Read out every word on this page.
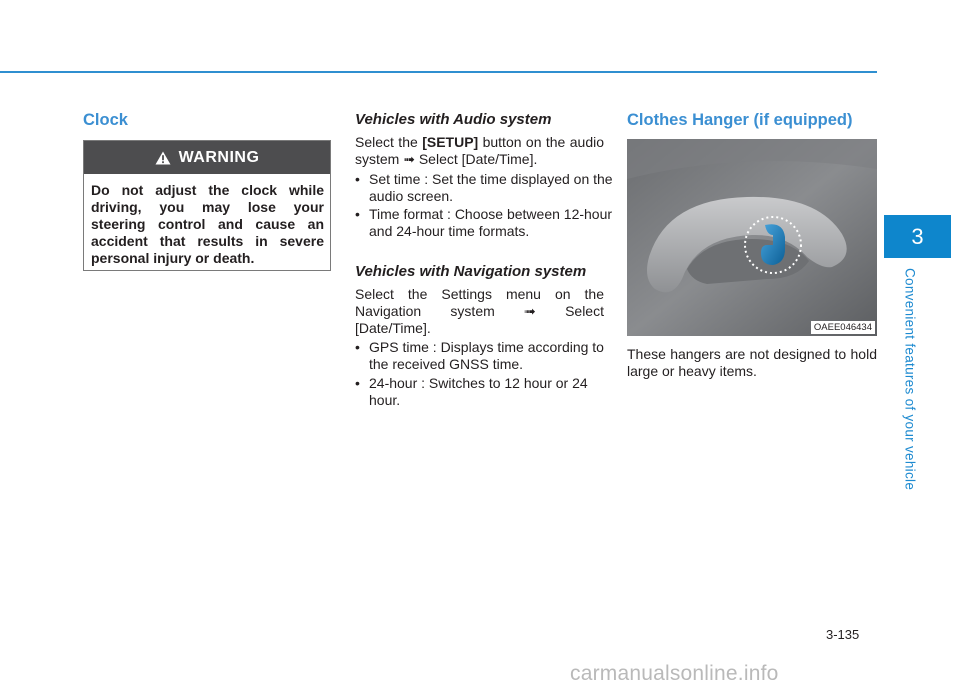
Clock
WARNING
Do not adjust the clock while driving, you may lose your steering control and cause an accident that results in severe personal injury or death.
Vehicles with Audio system

Select the [SETUP] button on the audio system ➟ Select [Date/Time].

• Set time : Set the time displayed on the audio screen.
• Time format : Choose between 12-hour and 24-hour time formats.
Vehicles with Navigation system

Select the Settings menu on the Navigation system ➟ Select [Date/Time].

• GPS time : Displays time according to the received GNSS time.
• 24-hour : Switches to 12 hour or 24 hour.
Clothes Hanger (if equipped)
OAEE046434

These hangers are not designed to hold large or heavy items.

3
Convenient features of your vehicle
3-135
carmanualsonline.info
